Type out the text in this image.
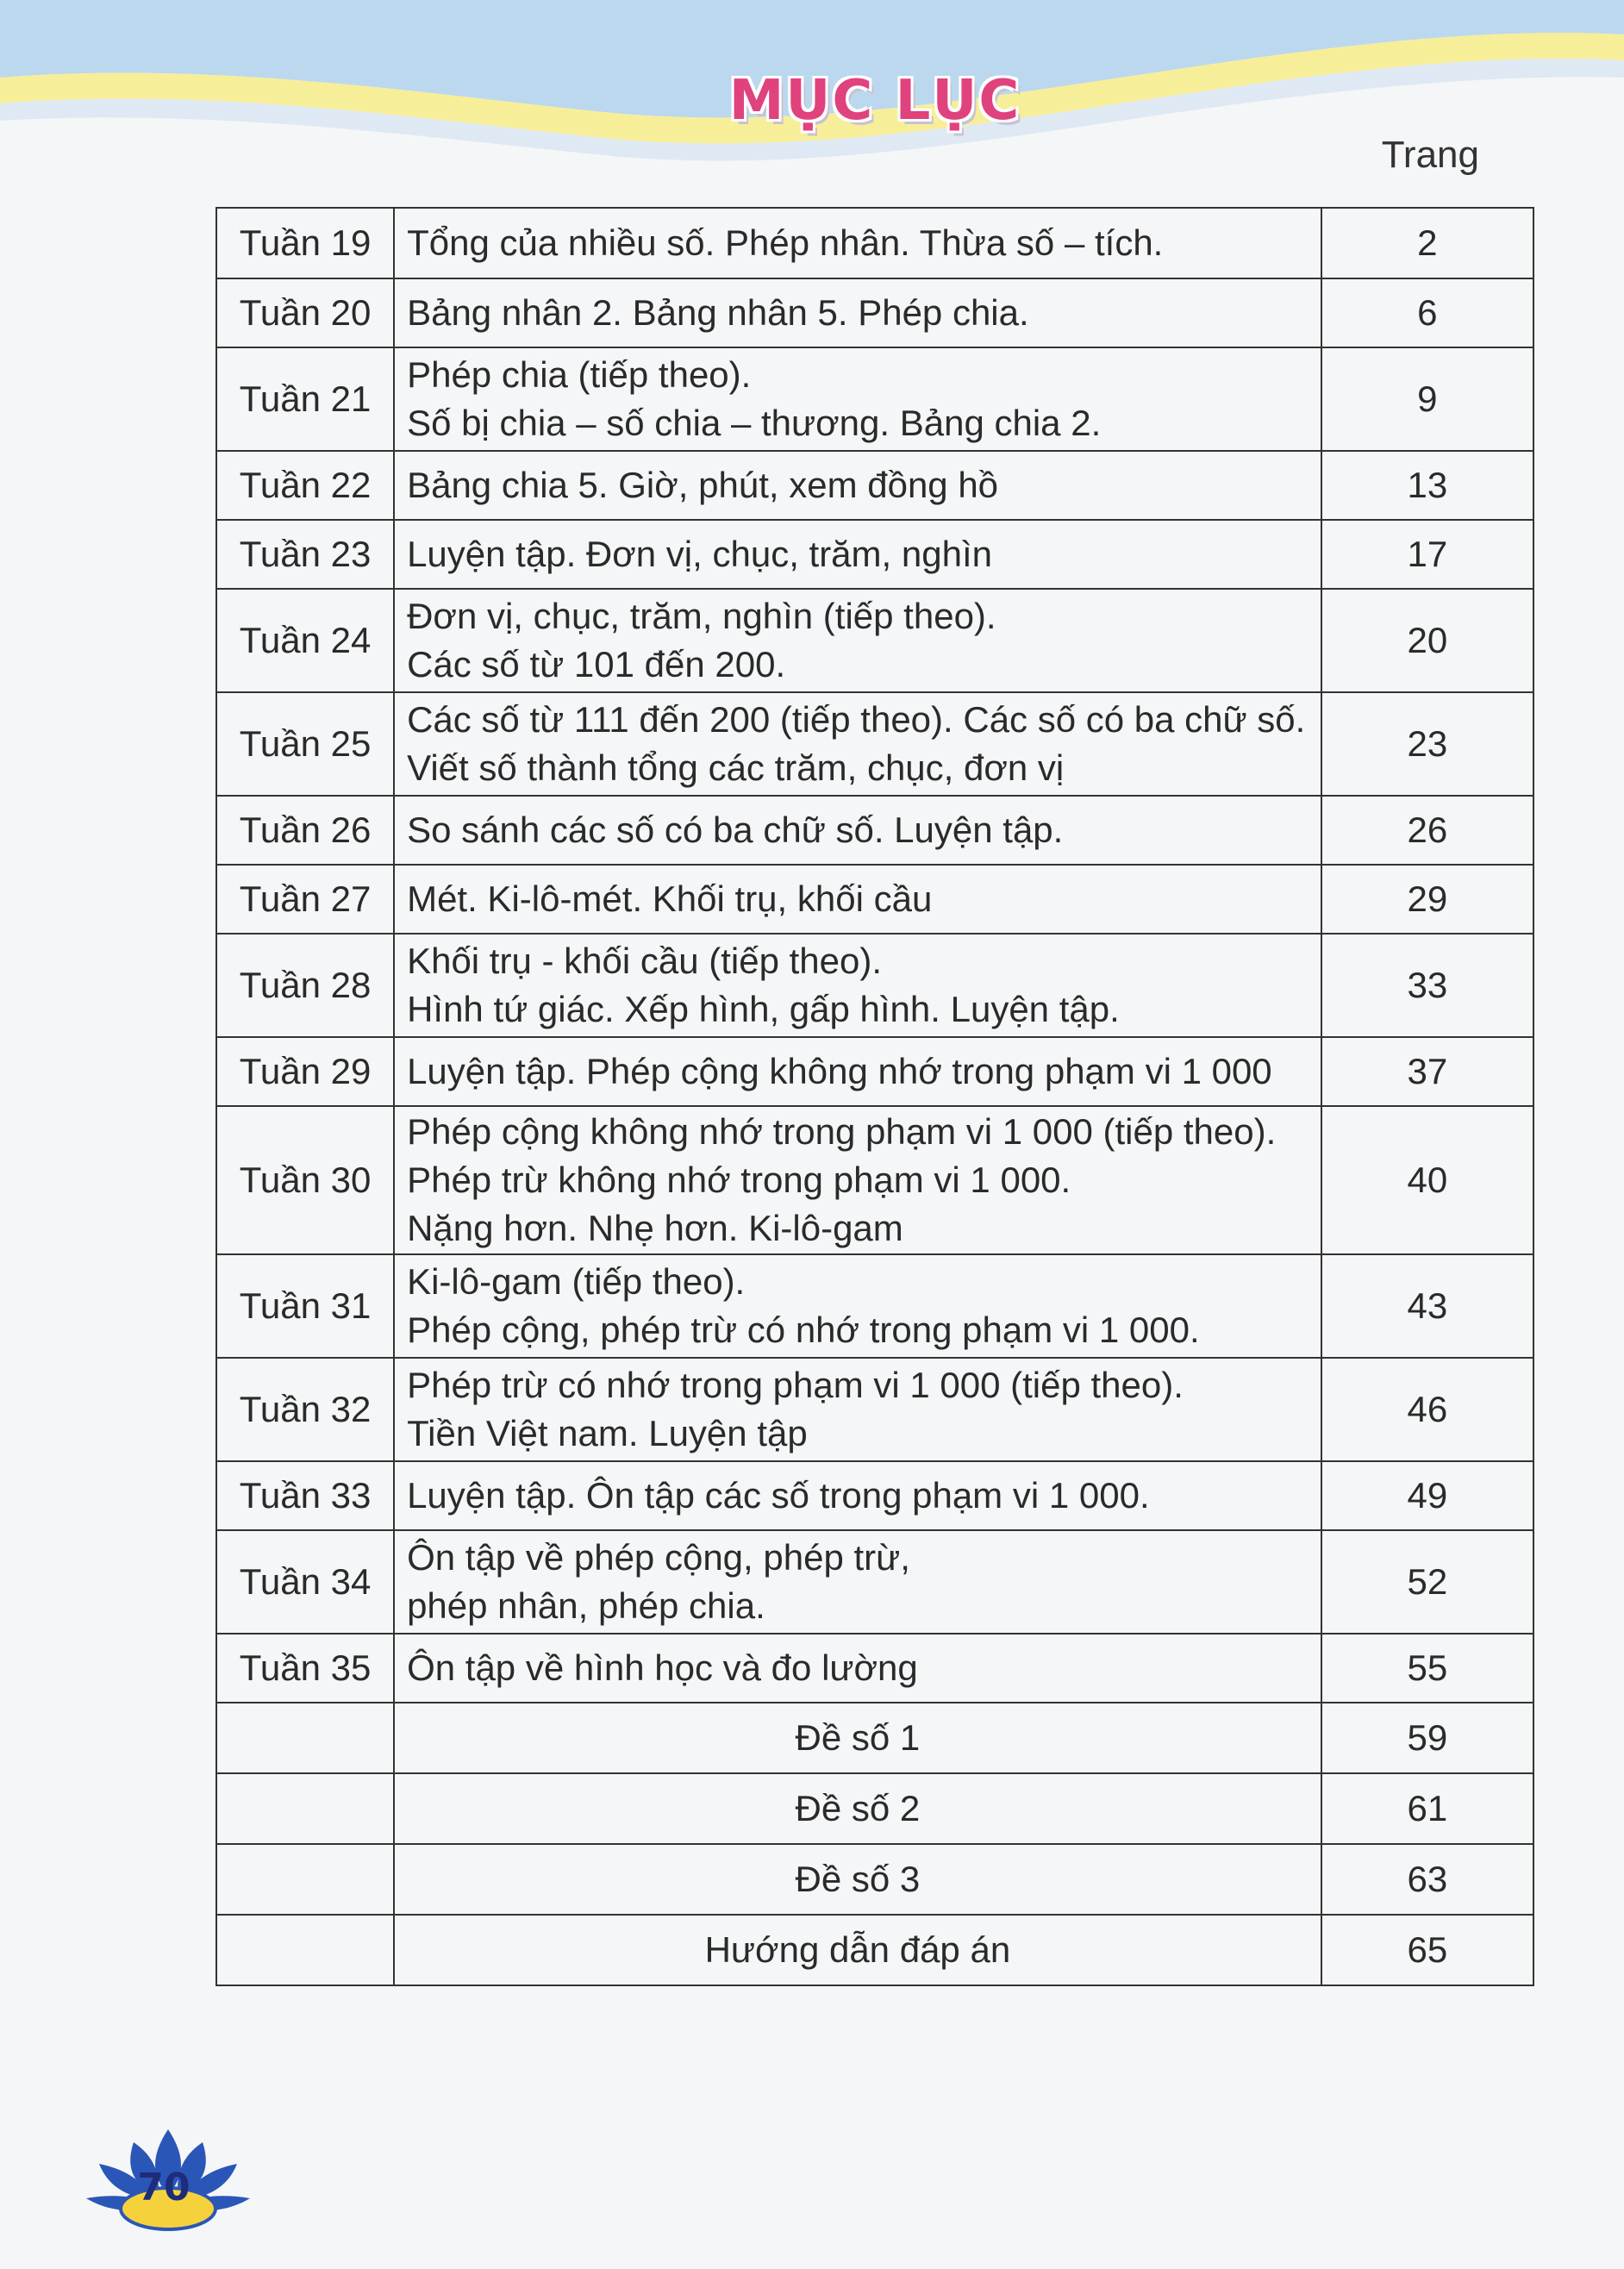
MỤC LỤC
Trang
Tuần 19	Tổng của nhiều số. Phép nhân. Thừa số – tích.	2
Tuần 20	Bảng nhân 2. Bảng nhân 5. Phép chia.	6
Tuần 21	Phép chia (tiếp theo).
Số bị chia – số chia – thương. Bảng chia 2.	9
Tuần 22	Bảng chia 5. Giờ, phút, xem đồng hồ	13
Tuần 23	Luyện tập. Đơn vị, chục, trăm, nghìn	17
Tuần 24	Đơn vị, chục, trăm, nghìn (tiếp theo).
Các số từ 101 đến 200.	20
Tuần 25	Các số từ 111 đến 200 (tiếp theo). Các số có ba chữ số.
Viết số thành tổng các trăm, chục, đơn vị	23
Tuần 26	So sánh các số có ba chữ số. Luyện tập.	26
Tuần 27	Mét. Ki-lô-mét. Khối trụ, khối cầu	29
Tuần 28	Khối trụ - khối cầu (tiếp theo).
Hình tứ giác. Xếp hình, gấp hình. Luyện tập.	33
Tuần 29	Luyện tập. Phép cộng không nhớ trong phạm vi 1 000	37
Tuần 30	Phép cộng không nhớ trong phạm vi 1 000 (tiếp theo).
Phép trừ không nhớ trong phạm vi 1 000.
Nặng hơn. Nhẹ hơn. Ki-lô-gam	40
Tuần 31	Ki-lô-gam (tiếp theo).
Phép cộng, phép trừ có nhớ trong phạm vi 1 000.	43
Tuần 32	Phép trừ có nhớ trong phạm vi 1 000 (tiếp theo).
Tiền Việt nam. Luyện tập	46
Tuần 33	Luyện tập. Ôn tập các số trong phạm vi 1 000.	49
Tuần 34	Ôn tập về phép cộng, phép trừ,
phép nhân, phép chia.	52
Tuần 35	Ôn tập về hình học và đo lường	55
	Đề số 1	59
	Đề số 2	61
	Đề số 3	63
	Hướng dẫn đáp án	65
70
